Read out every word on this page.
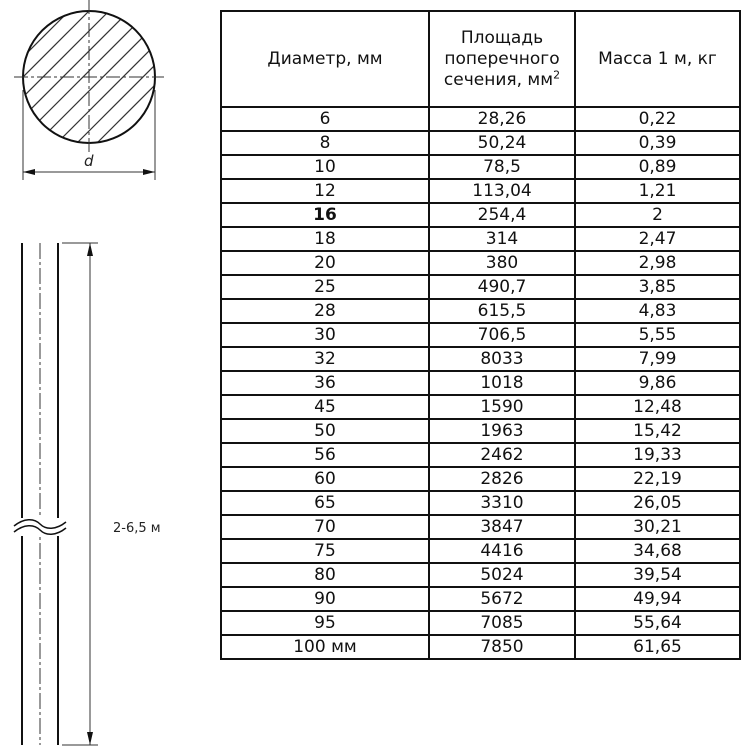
d
2-6,5 м
Диаметр, мм	Площадь
поперечного
сечения, $мм^2$	Масса 1 м, кг
6	28,26	0,22
8	50,24	0,39
10	78,5	0,89
12	113,04	1,21
16	254,4	2
18	314	2,47
20	380	2,98
25	490,7	3,85
28	615,5	4,83
30	706,5	5,55
32	8033	7,99
36	1018	9,86
45	1590	12,48
50	1963	15,42
56	2462	19,33
60	2826	22,19
65	3310	26,05
70	3847	30,21
75	4416	34,68
80	5024	39,54
90	5672	49,94
95	7085	55,64
100 мм	7850	61,65
